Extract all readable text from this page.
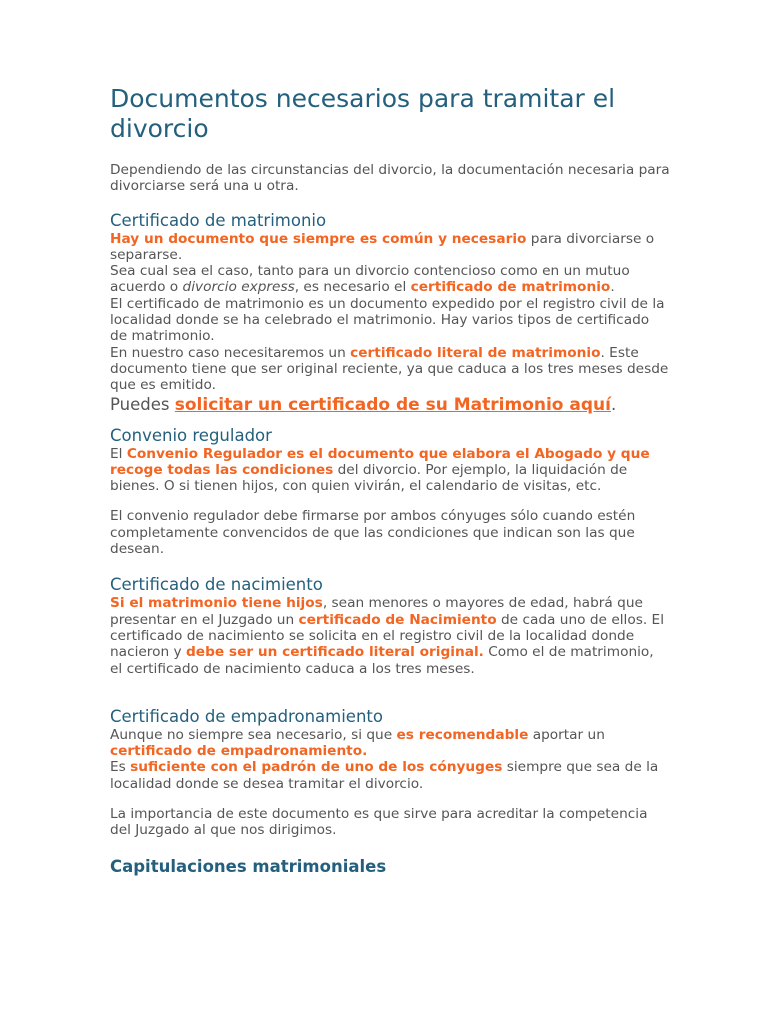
Documentos necesarios para tramitar el divorcio

Dependiendo de las circunstancias del divorcio, la documentación necesaria para divorciarse será una u otra.

Certificado de matrimonio

Hay un documento que siempre es común y necesario para divorciarse o separarse.

Sea cual sea el caso, tanto para un divorcio contencioso como en un mutuo acuerdo o divorcio express, es necesario el certificado de matrimonio.

El certificado de matrimonio es un documento expedido por el registro civil de la localidad donde se ha celebrado el matrimonio. Hay varios tipos de certificado de matrimonio.

En nuestro caso necesitaremos un certificado literal de matrimonio. Este documento tiene que ser original reciente, ya que caduca a los tres meses desde que es emitido.

Puedes solicitar un certificado de su Matrimonio aquí.

Convenio regulador

El Convenio Regulador es el documento que elabora el Abogado y que recoge todas las condiciones del divorcio. Por ejemplo, la liquidación de bienes. O si tienen hijos, con quien vivirán, el calendario de visitas, etc.

El convenio regulador debe firmarse por ambos cónyuges sólo cuando estén completamente convencidos de que las condiciones que indican son las que desean.

Certificado de nacimiento

Si el matrimonio tiene hijos, sean menores o mayores de edad, habrá que presentar en el Juzgado un certificado de Nacimiento de cada uno de ellos. El certificado de nacimiento se solicita en el registro civil de la localidad donde nacieron y debe ser un certificado literal original. Como el de matrimonio, el certificado de nacimiento caduca a los tres meses.

Certificado de empadronamiento

Aunque no siempre sea necesario, si que es recomendable aportar un certificado de empadronamiento.

Es suficiente con el padrón de uno de los cónyuges siempre que sea de la localidad donde se desea tramitar el divorcio.

La importancia de este documento es que sirve para acreditar la competencia del Juzgado al que nos dirigimos.

Capitulaciones matrimoniales
